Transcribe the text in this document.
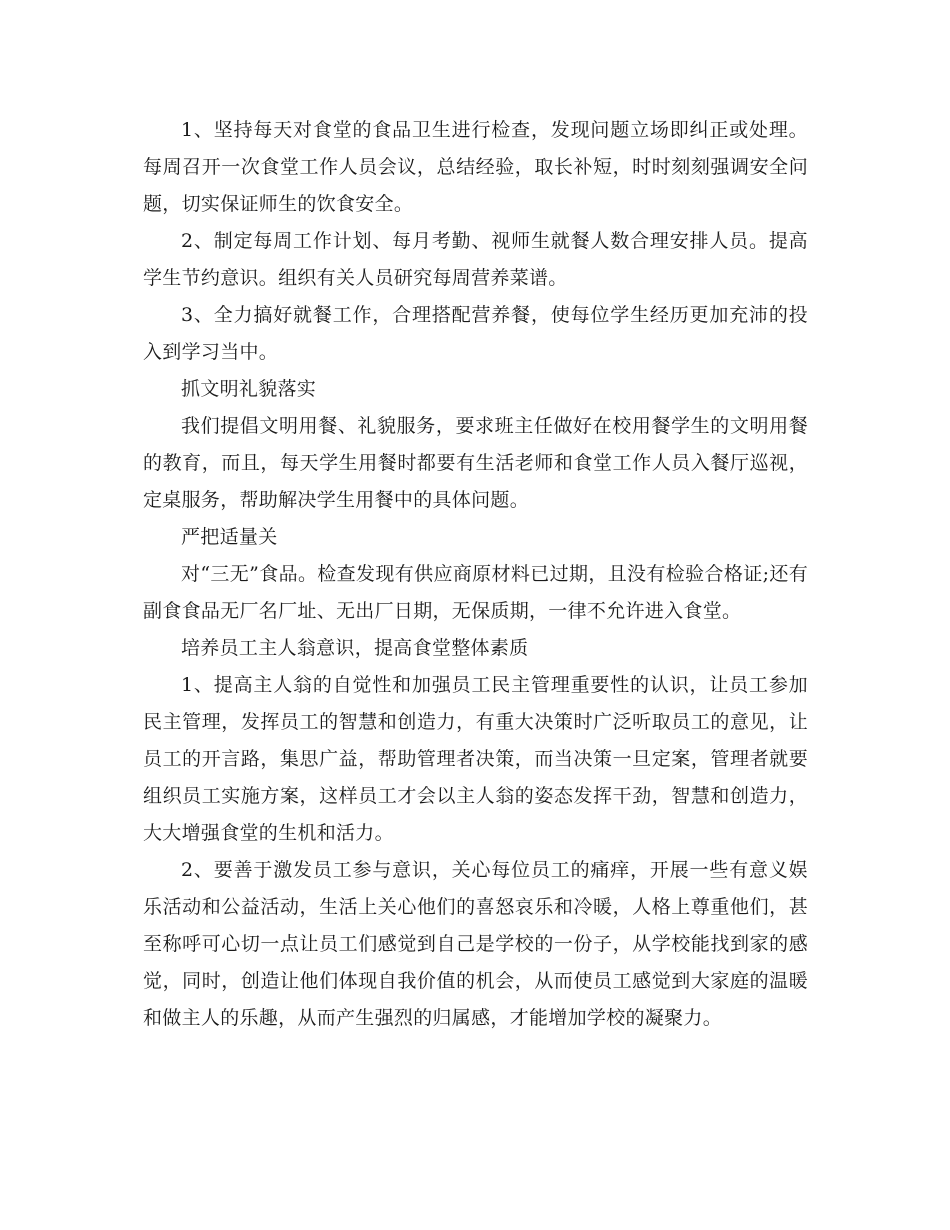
1、坚持每天对食堂的食品卫生进行检查，发现问题立场即纠正或处理。每周召开一次食堂工作人员会议，总结经验，取长补短，时时刻刻强调安全问题，切实保证师生的饮食安全。

2、制定每周工作计划、每月考勤、视师生就餐人数合理安排人员。提高学生节约意识。组织有关人员研究每周营养菜谱。

3、全力搞好就餐工作，合理搭配营养餐，使每位学生经历更加充沛的投入到学习当中。

抓文明礼貌落实

我们提倡文明用餐、礼貌服务，要求班主任做好在校用餐学生的文明用餐的教育，而且，每天学生用餐时都要有生活老师和食堂工作人员入餐厅巡视，定桌服务，帮助解决学生用餐中的具体问题。

严把适量关

对“三无”食品。检查发现有供应商原材料已过期，且没有检验合格证;还有副食食品无厂名厂址、无出厂日期，无保质期，一律不允许进入食堂。

培养员工主人翁意识，提高食堂整体素质

1、提高主人翁的自觉性和加强员工民主管理重要性的认识，让员工参加民主管理，发挥员工的智慧和创造力，有重大决策时广泛听取员工的意见，让员工的开言路，集思广益，帮助管理者决策，而当决策一旦定案，管理者就要组织员工实施方案，这样员工才会以主人翁的姿态发挥干劲，智慧和创造力，大大增强食堂的生机和活力。

2、要善于激发员工参与意识，关心每位员工的痛痒，开展一些有意义娱乐活动和公益活动，生活上关心他们的喜怒哀乐和冷暖，人格上尊重他们，甚至称呼可心切一点让员工们感觉到自己是学校的一份子，从学校能找到家的感觉，同时，创造让他们体现自我价值的机会，从而使员工感觉到大家庭的温暖和做主人的乐趣，从而产生强烈的归属感，才能增加学校的凝聚力。
